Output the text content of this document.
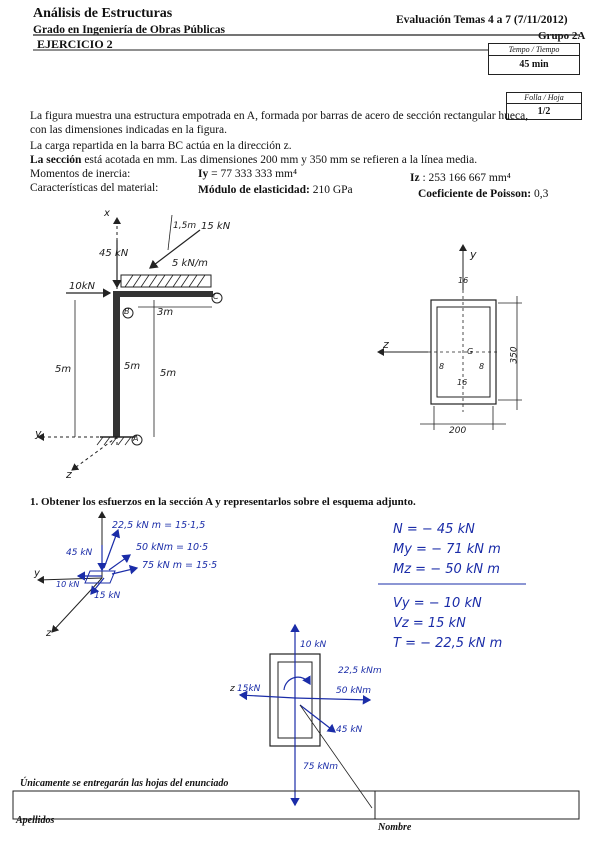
Análisis de Estructuras
Grado en Ingeniería de Obras Públicas
Evaluación Temas 4 a 7 (7/11/2012)
Grupo 2A
EJERCICIO 2	Tempo / Tiempo
45 min
Folla / Hoja
1/2
La figura muestra una estructura empotrada en A, formada por barras de acero de sección rectangular hueca,
con las dimensiones indicadas en la figura.
La carga repartida en la barra BC actúa en la dirección z.
La sección está acotada en mm. Las dimensiones 200 mm y 350 mm se refieren a la línea media.
Momentos de inercia:	Iy = 77 333 333 mm⁴	Iz : 253 166 667 mm⁴
Características del material:	Módulo de elasticidad: 210 GPa	Coeficiente de Poisson: 0,3
x
y
z
45 kN
10kN
15 kN
1,5m
5 kN/m
3m
5m	5m
5m
A
B
C
y
z
G
16
16
8	8
200
350
1. Obtener los esfuerzos en la sección A y representarlos sobre el esquema adjunto.
22,5 kN m = 15·1,5
50 kNm = 10·5
75 kN m = 15·5
45 kN
10 kN
15 kN
y
z
N = − 45 kN
My = − 71 kN m
Mz = − 50 kN m
Vy = − 10 kN
Vz = 15 kN
T = − 22,5 kN m
10 kN
15kN
22,5 kNm
50 kNm
45 kN
75 kNm
z
Únicamente se entregarán las hojas del enunciado
Apellidos
Nombre
